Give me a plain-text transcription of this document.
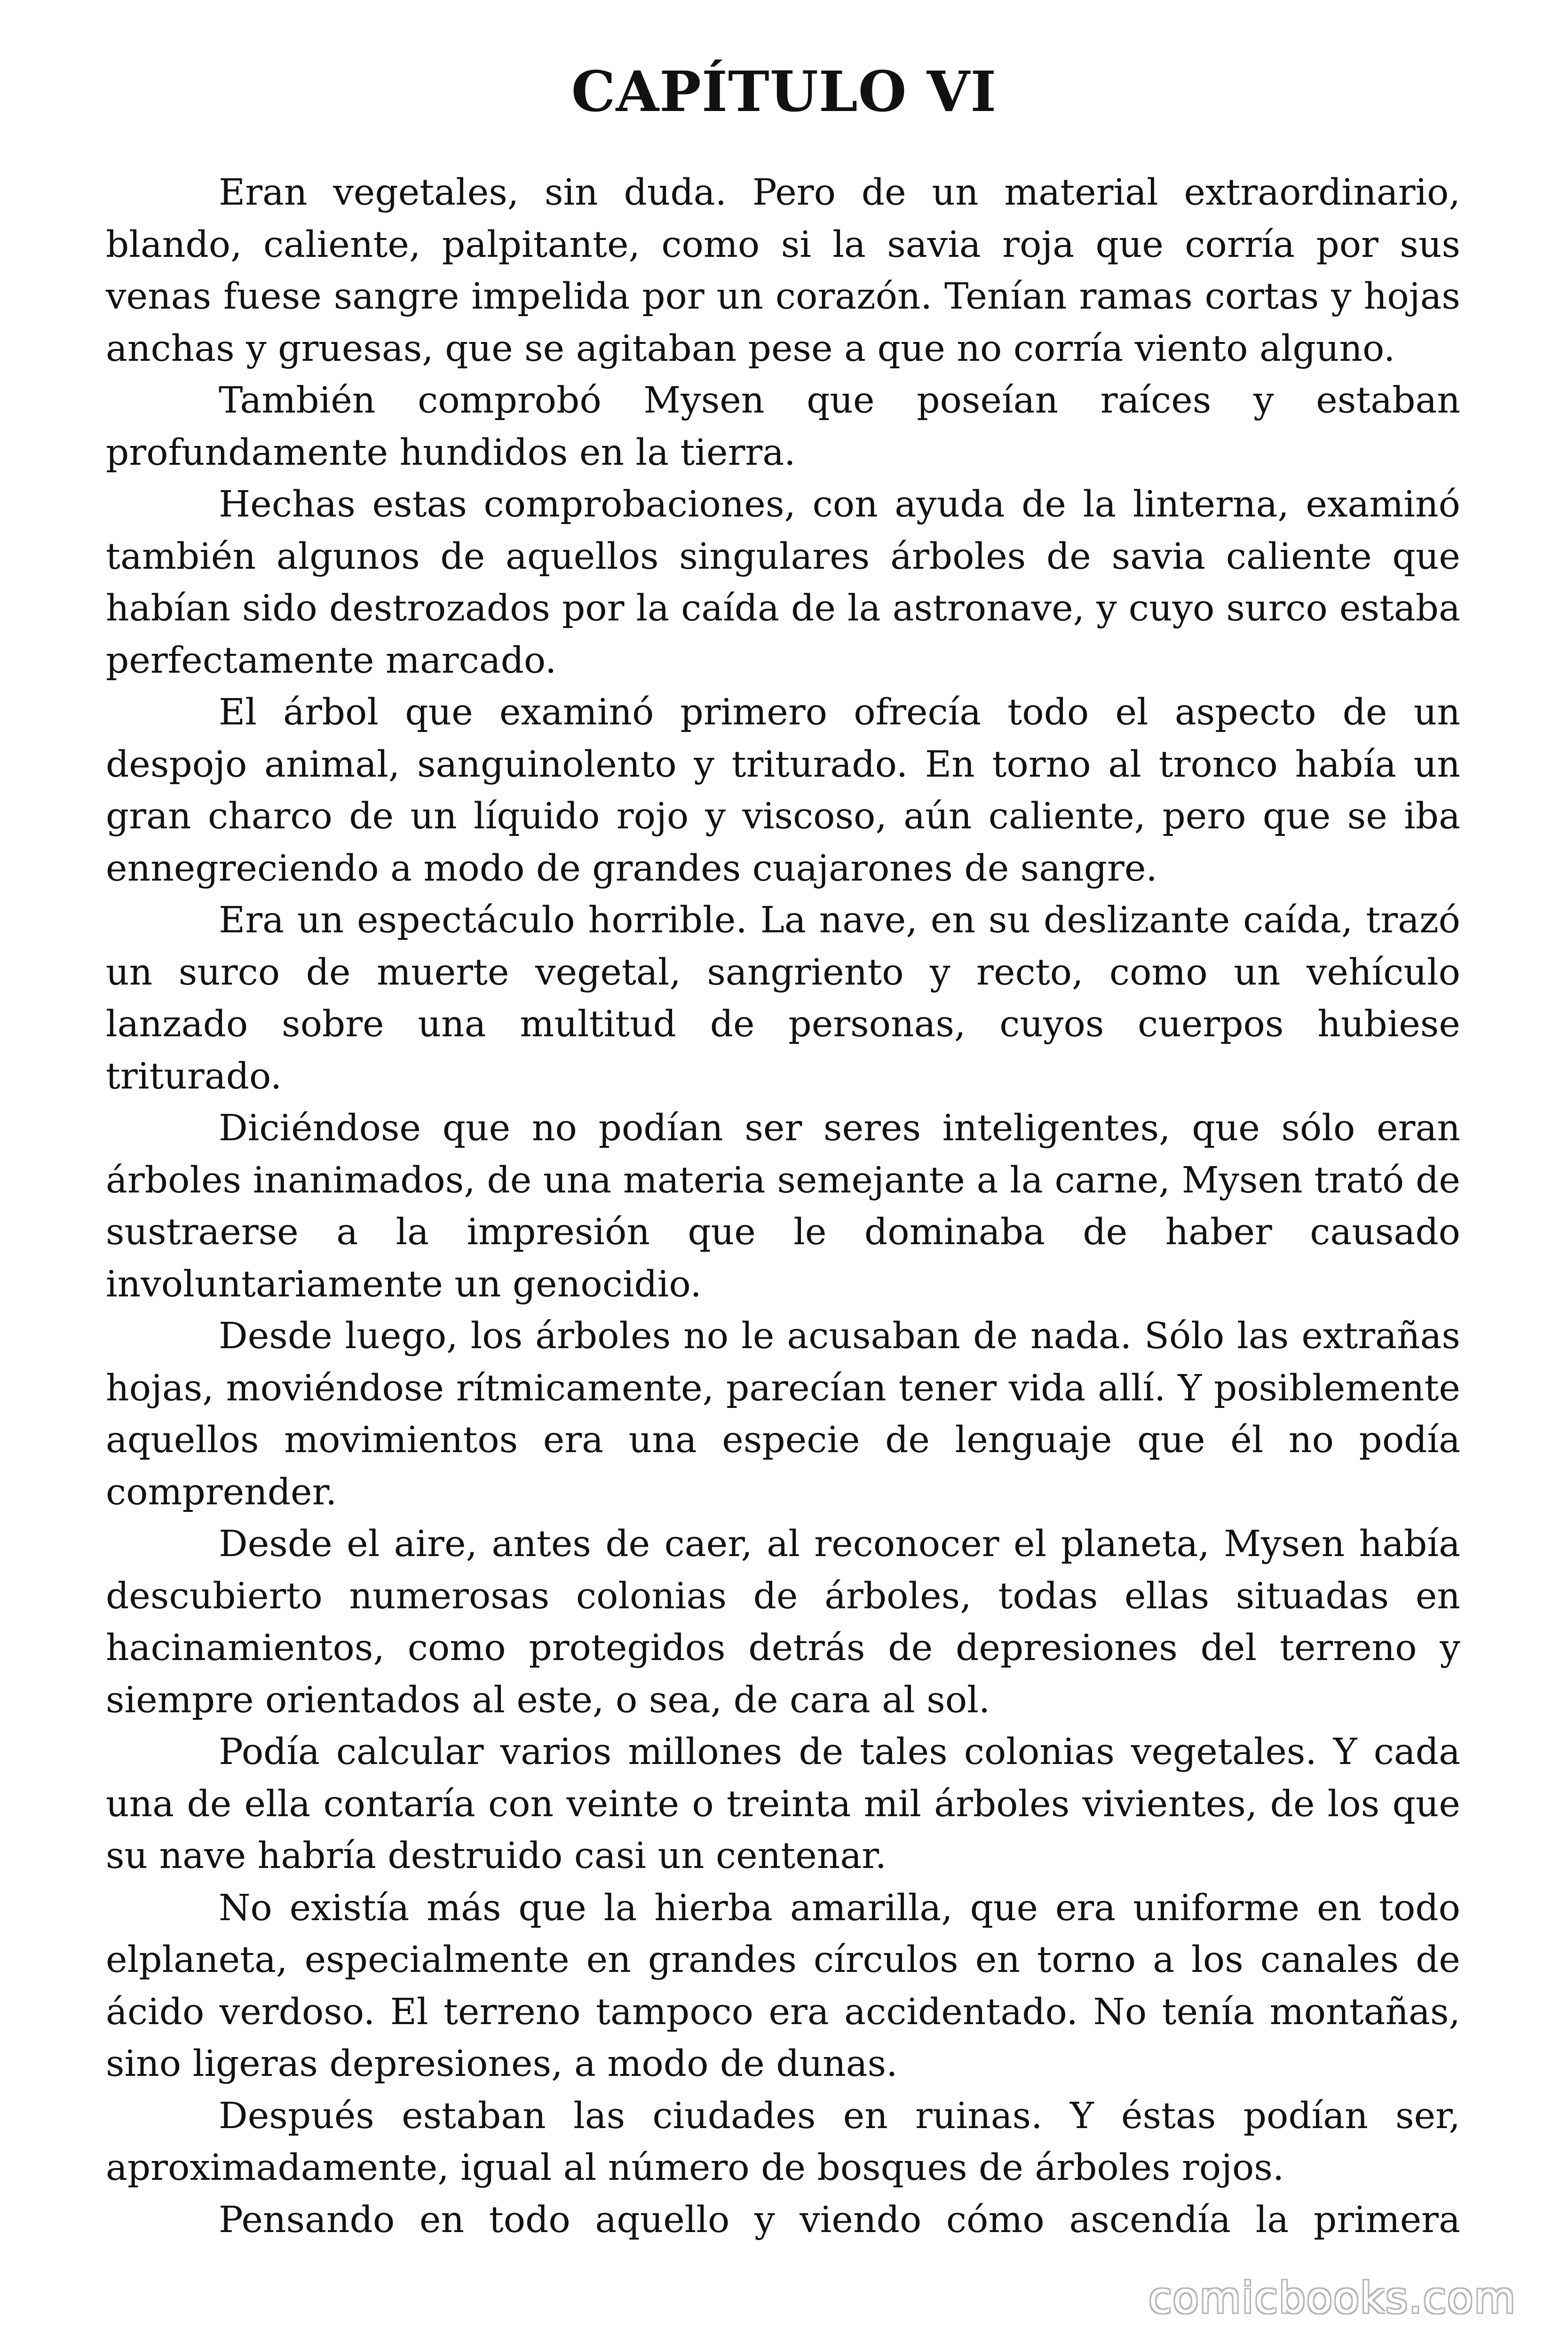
CAPÍTULO VI

Eran vegetales, sin duda. Pero de un material extraordinario, blando, caliente, palpitante, como si la savia roja que corría por sus venas fuese sangre impelida por un corazón. Tenían ramas cortas y hojas anchas y gruesas, que se agitaban pese a que no corría viento alguno.

También comprobó Mysen que poseían raíces y estaban profundamente hundidos en la tierra.

Hechas estas comprobaciones, con ayuda de la linterna, examinó también algunos de aquellos singulares árboles de savia caliente que habían sido destrozados por la caída de la astronave, y cuyo surco estaba perfectamente marcado.

El árbol que examinó primero ofrecía todo el aspecto de un despojo animal, sanguinolento y triturado. En torno al tronco había un gran charco de un líquido rojo y viscoso, aún caliente, pero que se iba ennegreciendo a modo de grandes cuajarones de sangre.

Era un espectáculo horrible. La nave, en su deslizante caída, trazó un surco de muerte vegetal, sangriento y recto, como un vehículo lanzado sobre una multitud de personas, cuyos cuerpos hubiese triturado.

Diciéndose que no podían ser seres inteligentes, que sólo eran árboles inanimados, de una materia semejante a la carne, Mysen trató de sustraerse a la impresión que le dominaba de haber causado involuntariamente un genocidio.

Desde luego, los árboles no le acusaban de nada. Sólo las extrañas hojas, moviéndose rítmicamente, parecían tener vida allí. Y posiblemente aquellos movimientos era una especie de lenguaje que él no podía comprender.

Desde el aire, antes de caer, al reconocer el planeta, Mysen había descubierto numerosas colonias de árboles, todas ellas situadas en hacinamientos, como protegidos detrás de depresiones del terreno y siempre orientados al este, o sea, de cara al sol.

Podía calcular varios millones de tales colonias vegetales. Y cada una de ella contaría con veinte o treinta mil árboles vivientes, de los que su nave habría destruido casi un centenar.

No existía más que la hierba amarilla, que era uniforme en todo elplaneta, especialmente en grandes círculos en torno a los canales de ácido verdoso. El terreno tampoco era accidentado. No tenía montañas, sino ligeras depresiones, a modo de dunas.

Después estaban las ciudades en ruinas. Y éstas podían ser, aproximadamente, igual al número de bosques de árboles rojos.

Pensando en todo aquello y viendo cómo ascendía la primera

comicbooks.com
